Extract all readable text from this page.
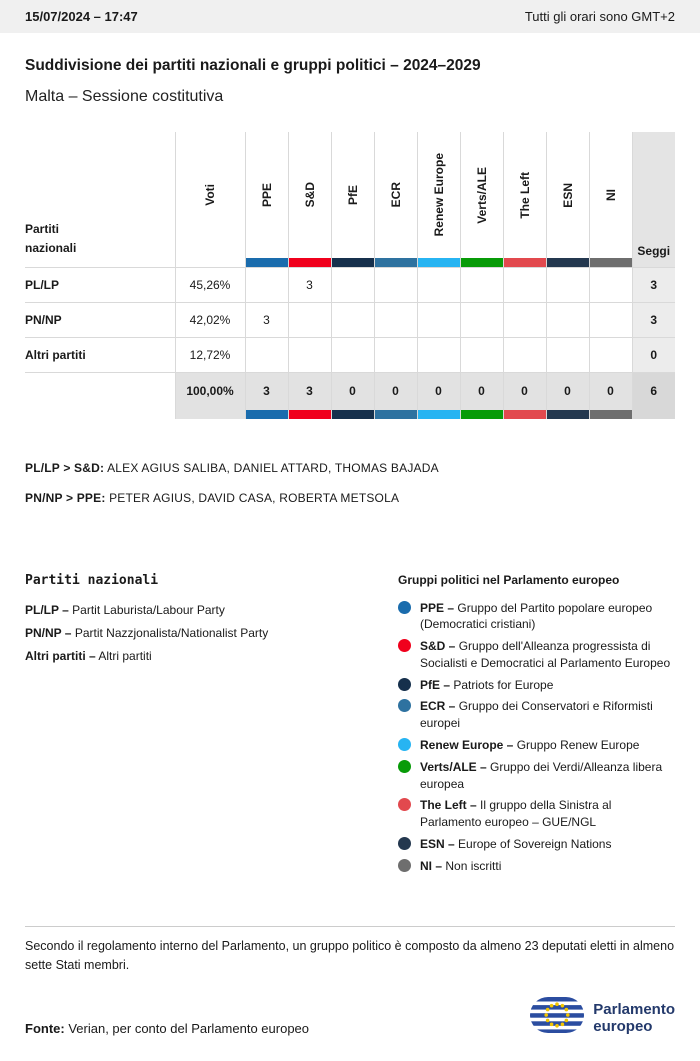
15/07/2024 – 17:47	Tutti gli orari sono GMT+2
Suddivisione dei partiti nazionali e gruppi politici – 2024–2029
Malta – Sessione costitutiva
Partiti nazionali	Voti	PPE	S&D	PfE	ECR	Renew Europe	Verts/ALE	The Left	ESN	NI	Seggi

PL/LP	45,26%		3								3
PN/NP	42,02%	3									3
Altri partiti	12,72%										0
	100,00%	3	3	0	0	0	0	0	0	0	6

PL/LP > S&D: ALEX AGIUS SALIBA, DANIEL ATTARD, THOMAS BAJADA
PN/NP > PPE: PETER AGIUS, DAVID CASA, ROBERTA METSOLA
Partiti nazionali
PL/LP – Partit Laburista/Labour Party
PN/NP – Partit Nazzjonalista/Nationalist Party
Altri partiti – Altri partiti
Gruppi politici nel Parlamento europeo
PPE – Gruppo del Partito popolare europeo (Democratici cristiani)
S&D – Gruppo dell'Alleanza progressista di Socialisti e Democratici al Parlamento Europeo
PfE – Patriots for Europe
ECR – Gruppo dei Conservatori e Riformisti europei
Renew Europe – Gruppo Renew Europe
Verts/ALE – Gruppo dei Verdi/Alleanza libera europea
The Left – Il gruppo della Sinistra al Parlamento europeo – GUE/NGL
ESN – Europe of Sovereign Nations
NI – Non iscritti

Secondo il regolamento interno del Parlamento, un gruppo politico è composto da almeno 23 deputati eletti in almeno sette Stati membri.

Fonte: Verian, per conto del Parlamento europeo
Parlamento
europeo
